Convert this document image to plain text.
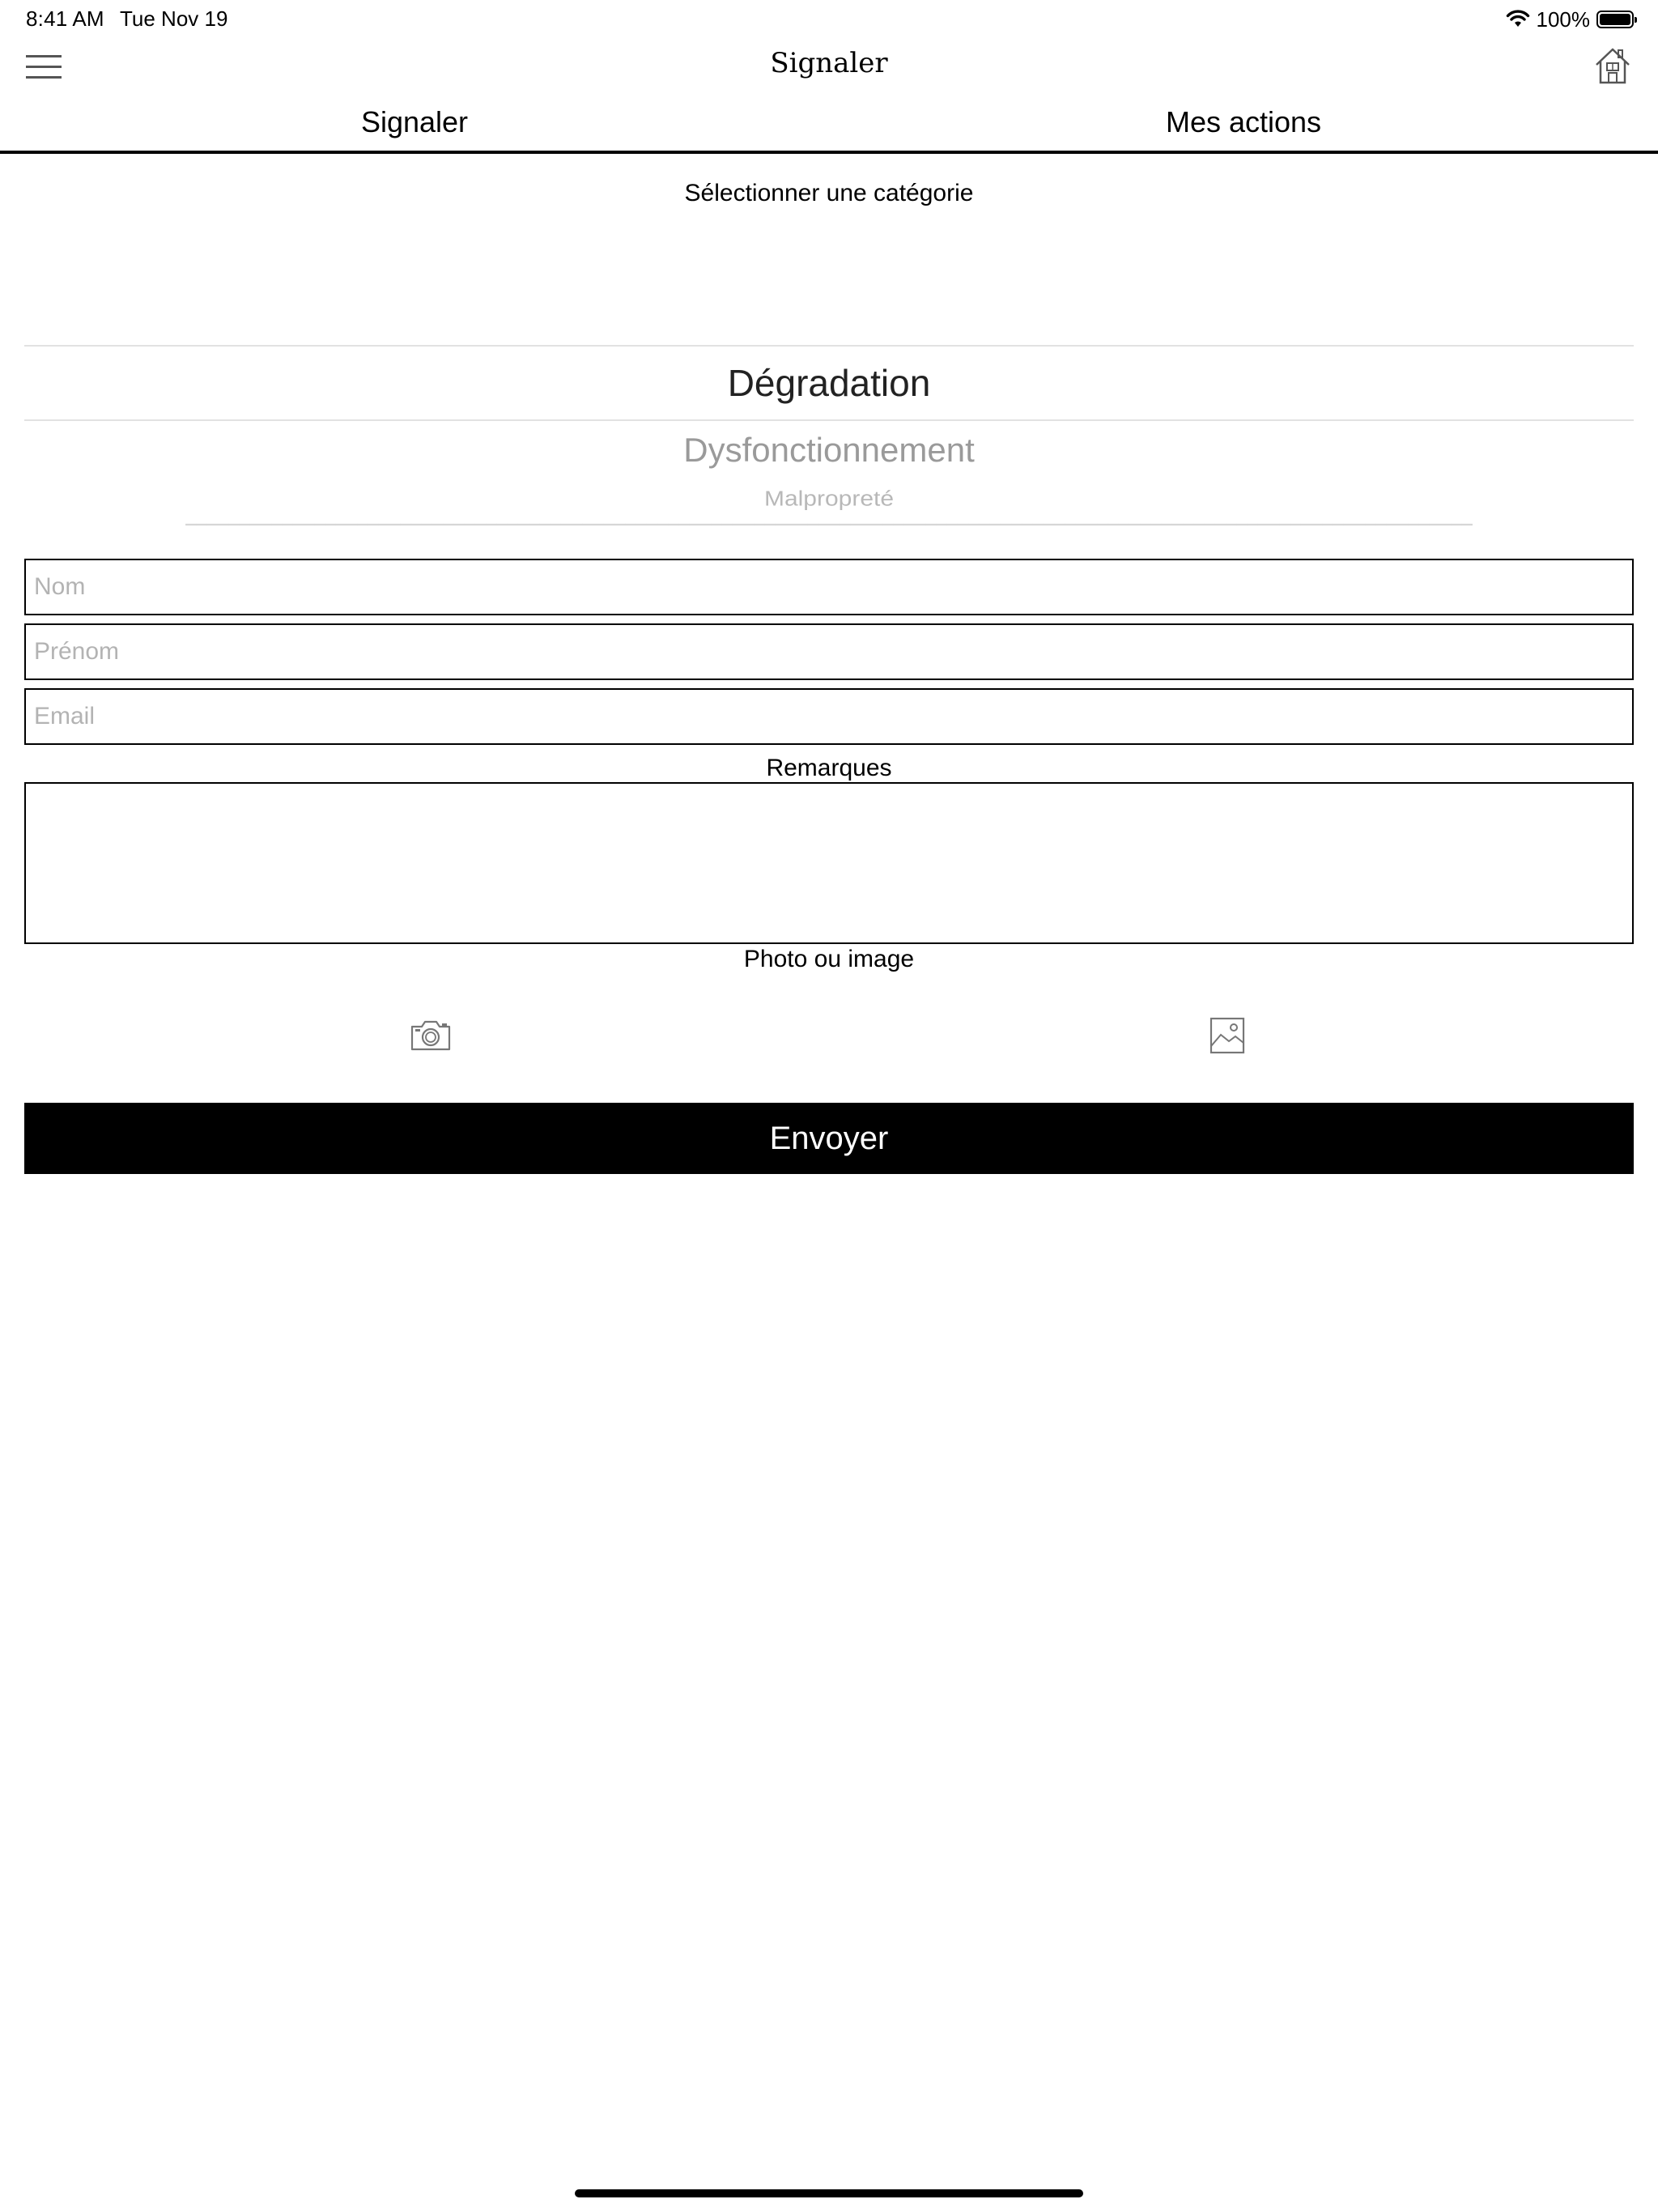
8:41 AM Tue Nov 19	100%
Signaler
Signaler	Mes actions
Sélectionner une catégorie
Dégradation
Dysfonctionnement
Malpropreté
━━━━━━━━━━━━━━━━━━━━━━━━━━━━━━━━━━━━━━━━━━━━━━━━━━━━━━━━━━━━━━━━━━━━━━━━━━━━━━━━━━━━━━━━━━━━━━━━━━━━━━━━━━━━━━━━━━━━━━━━
Nom
Prénom
Email
Remarques
Photo ou image
Envoyer
